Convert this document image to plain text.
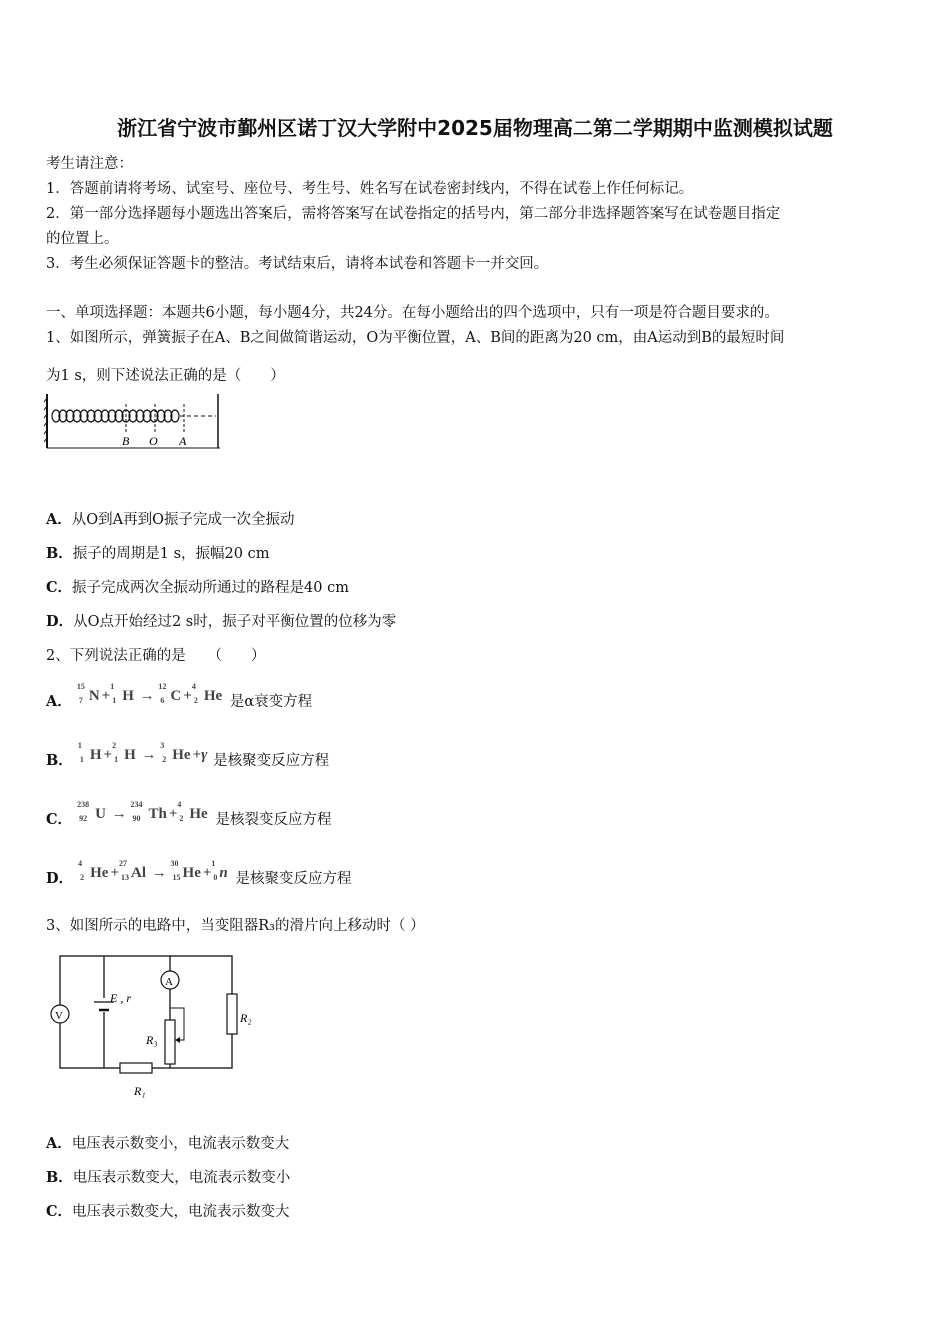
浙江省宁波市鄞州区诺丁汉大学附中2025届物理高二第二学期期中监测模拟试题
考生请注意：
1．答题前请将考场、试室号、座位号、考生号、姓名写在试卷密封线内，不得在试卷上作任何标记。
2．第一部分选择题每小题选出答案后，需将答案写在试卷指定的括号内，第二部分非选择题答案写在试卷题目指定
的位置上。
3．考生必须保证答题卡的整洁。考试结束后，请将本试卷和答题卡一并交回。
一、单项选择题：本题共6小题，每小题4分，共24分。在每小题给出的四个选项中，只有一项是符合题目要求的。
1、如图所示，弹簧振子在A、B之间做简谐运动，O为平衡位置，A、B间的距离为20 cm，由A运动到B的最短时间
为1 s，则下述说法正确的是（　　）
B O A
A．从O到A再到O振子完成一次全振动
B．振子的周期是1 s，振幅20 cm
C．振子完成两次全振动所通过的路程是40 cm
D．从O点开始经过2 s时，振子对平衡位置的位移为零
2、下列说法正确的是　　（　　）
A．
15
7 N +
1
1 H →
12
6 C +
4
2 He 是α衰变方程
B．
1
1 H +
2
1 H →
3
2 He +γ 是核聚变反应方程
C．
238
92 U →
234
90 Th +
4
2 He 是核裂变反应方程
D．
4
2 He +
27
13 Al →
30
15 He +
1
0 n 是核聚变反应方程
3、如图所示的电路中，当变阻器R₃的滑片向上移动时（ ）
V
E , r
A
R₃
R₂
R₁
A．电压表示数变小，电流表示数变大
B．电压表示数变大，电流表示数变小
C．电压表示数变大，电流表示数变大
